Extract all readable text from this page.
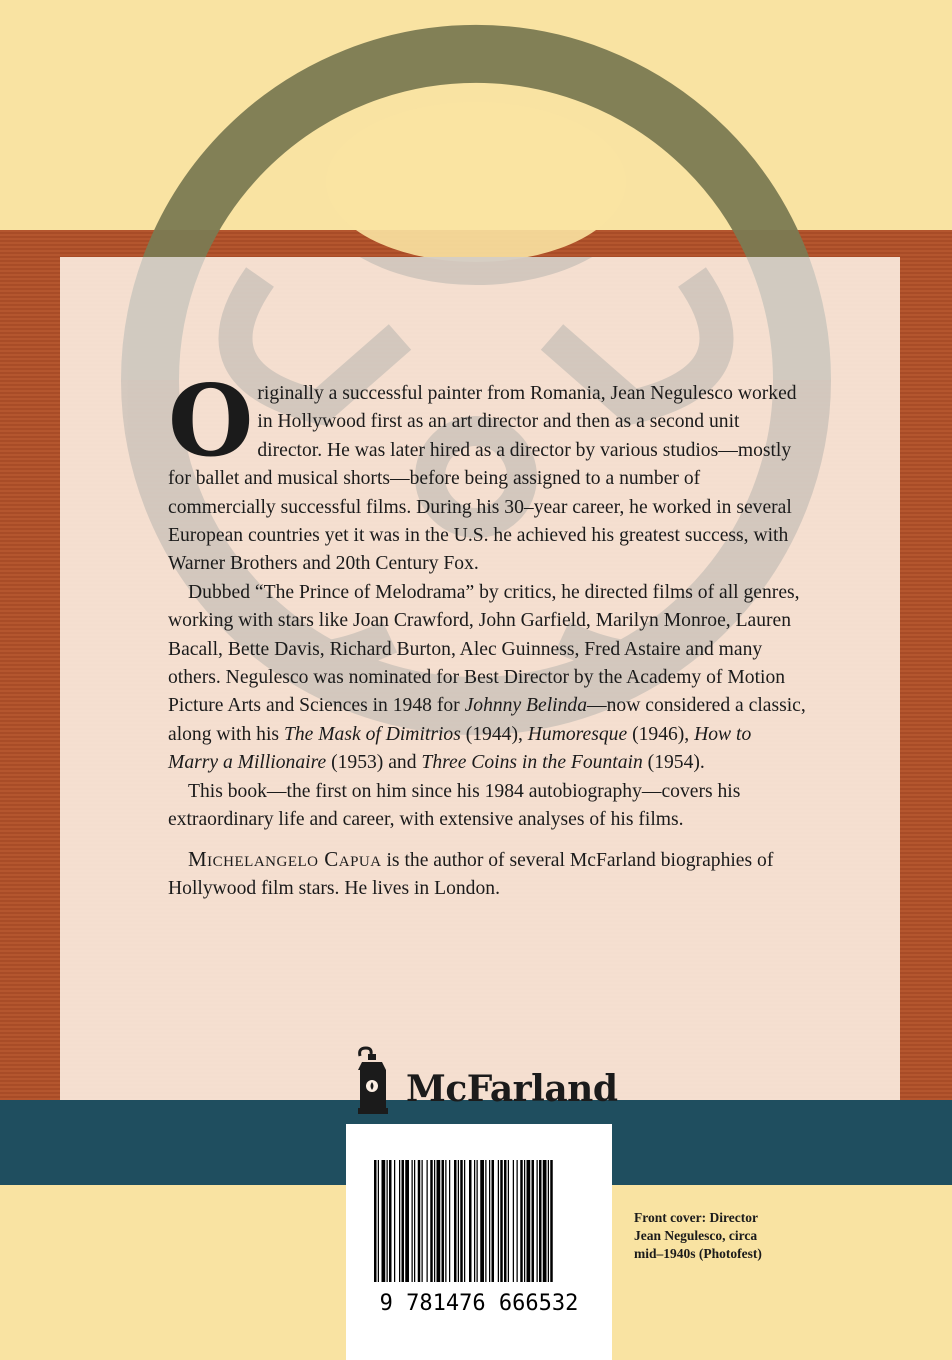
O riginally a successful painter from Romania, Jean Negulesco worked in Hollywood first as an art director and then as a second unit director. He was later hired as a director by various studios—mostly for ballet and musical shorts—before being assigned to a number of commercially successful films. During his 30–year career, he worked in several European countries yet it was in the U.S. he achieved his greatest success, with Warner Brothers and 20th Century Fox.

Dubbed “The Prince of Melodrama” by critics, he directed films of all genres, working with stars like Joan Crawford, John Garfield, Marilyn Monroe, Lauren Bacall, Bette Davis, Richard Burton, Alec Guinness, Fred Astaire and many others. Negulesco was nominated for Best Director by the Academy of Motion Picture Arts and Sciences in 1948 for Johnny Belinda—now considered a classic, along with his The Mask of Dimitrios (1944), Humoresque (1946), How to Marry a Millionaire (1953) and Three Coins in the Fountain (1954).

This book—the first on him since his 1984 autobiography—covers his extraordinary life and career, with extensive analyses of his films.

Michelangelo Capua is the author of several McFarland biographies of Hollywood film stars. He lives in London.

McFarland
9 781476 666532
Front cover: Director
Jean Negulesco, circa
mid–1940s (Photofest)
